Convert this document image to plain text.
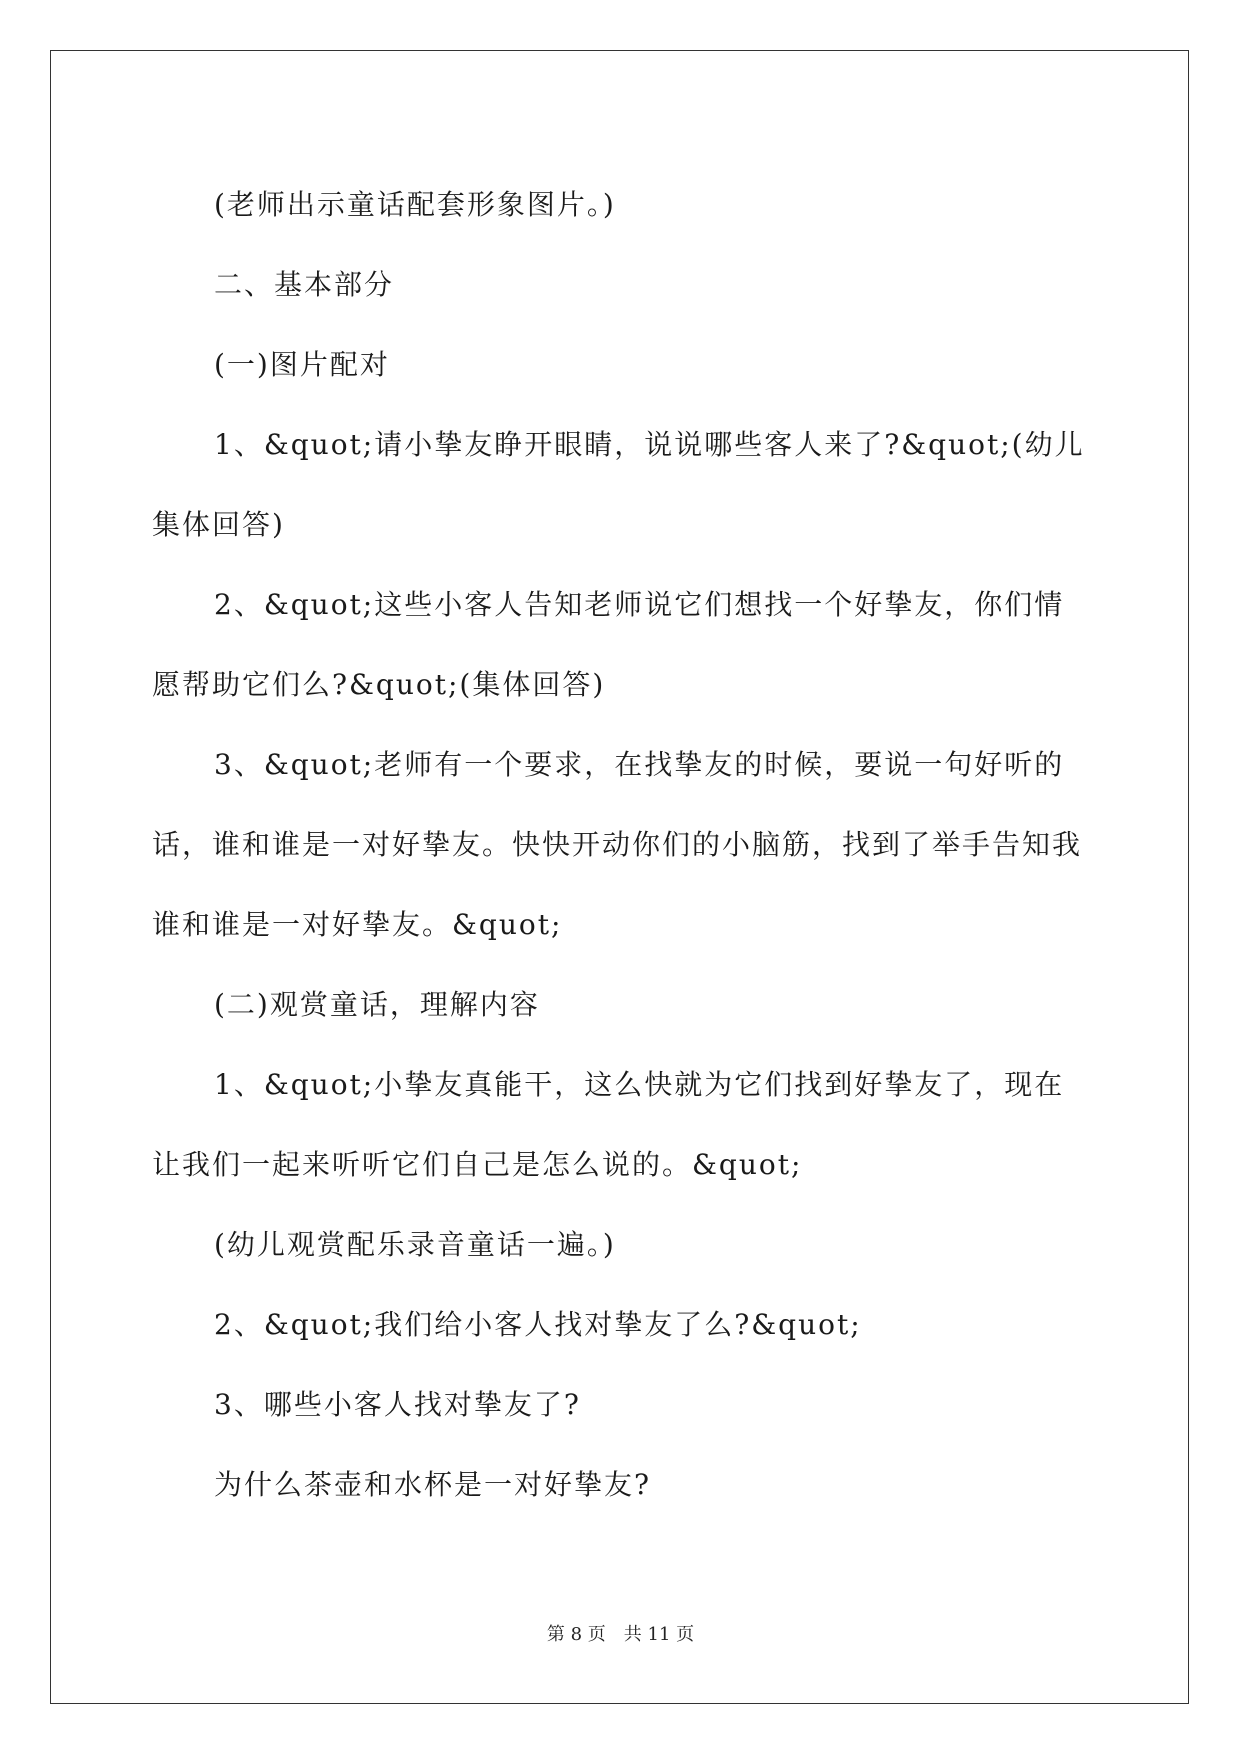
(老师出示童话配套形象图片。)

二、基本部分

(一)图片配对

1、&quot;请小挚友睁开眼睛，说说哪些客人来了?&quot;(幼儿集体回答)

2、&quot;这些小客人告知老师说它们想找一个好挚友，你们情愿帮助它们么?&quot;(集体回答)

3、&quot;老师有一个要求，在找挚友的时候，要说一句好听的话，谁和谁是一对好挚友。快快开动你们的小脑筋，找到了举手告知我谁和谁是一对好挚友。&quot;

(二)观赏童话，理解内容

1、&quot;小挚友真能干，这么快就为它们找到好挚友了，现在让我们一起来听听它们自己是怎么说的。&quot;

(幼儿观赏配乐录音童话一遍。)

2、&quot;我们给小客人找对挚友了么?&quot;

3、哪些小客人找对挚友了?

为什么茶壶和水杯是一对好挚友?

第 8 页 共 11 页
